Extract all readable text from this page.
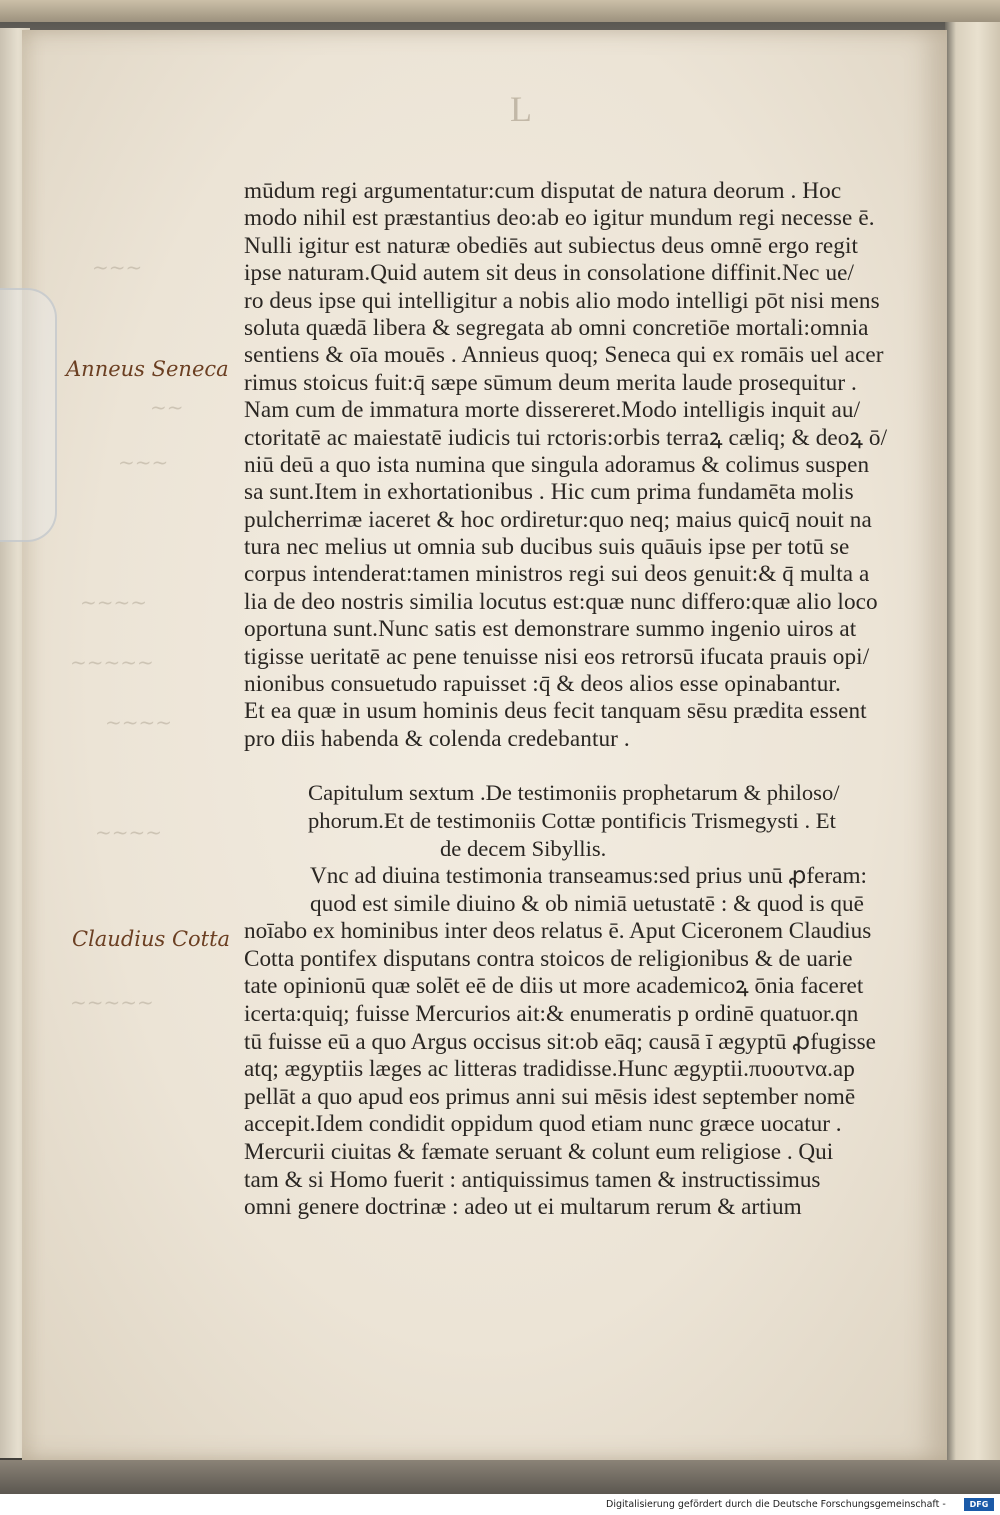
L
~~~
~~
~~~
~~~~
~~~~~
~~~~
~~~~
~~~~~
Anneus Seneca
Claudius Cotta
mūdum regi argumentatur:cum disputat de natura deorum . Hoc
modo nihil est præstantius deo:ab eo igitur mundum regi necesse ē.
Nulli igitur est naturæ obediēs aut subiectus deus omnē ergo regit
ipse naturam.Quid autem sit deus in consolatione diffinit.Nec ue/
ro deus ipse qui intelligitur a nobis alio modo intelligi pōt nisi mens
soluta quædā libera & segregata ab omni concretiōe mortali:omnia
sentiens & oīa mouēs . Annieus quoq; Seneca qui ex romāis uel acer
rimus stoicus fuit:q̄ sæpe sūmum deum merita laude prosequitur .
Nam cum de immatura morte dissereret.Modo intelligis inquit au/
ctoritatē ac maiestatē iudicis tui rctoris:orbis terraꝝ cæliq; & deoꝝ ō/
niū deū a quo ista numina que singula adoramus & colimus suspen
sa sunt.Item in exhortationibus . Hic cum prima fundamēta molis
pulcherrimæ iaceret & hoc ordiretur:quo neq; maius quicq̄ nouit na
tura nec melius ut omnia sub ducibus suis quāuis ipse per totū se
corpus intenderat:tamen ministros regi sui deos genuit:& q̄ multa a
lia de deo nostris similia locutus est:quæ nunc differo:quæ alio loco
oportuna sunt.Nunc satis est demonstrare summo ingenio uiros at
tigisse ueritatē ac pene tenuisse nisi eos retrorsū ifucata prauis opi/
nionibus consuetudo rapuisset :q̄ & deos alios esse opinabantur.
Et ea quæ in usum hominis deus fecit tanquam sēsu prædita essent
pro diis habenda & colenda credebantur .
Capitulum sextum .De testimoniis prophetarum & philoso/
phorum.Et de testimoniis Cottæ pontificis Trismegysti . Et
de decem Sibyllis.
Vnc ad diuina testimonia transeamus:sed prius unū ꝓferam:
quod est simile diuino & ob nimiā uetustatē : & quod is quē
noīabo ex hominibus inter deos relatus ē. Aput Ciceronem Claudius
Cotta pontifex disputans contra stoicos de religionibus & de uarie
tate opinionū quæ solēt eē de diis ut more academicoꝝ ōnia faceret
icerta:quiq; fuisse Mercurios ait:& enumeratis p ordinē quatuor.qn
tū fuisse eū a quo Argus occisus sit:ob eāq; causā ī ægyptū ꝓfugisse
atq; ægyptiis læges ac litteras tradidisse.Hunc ægyptii.πυουτνα.ap
pellāt a quo apud eos primus anni sui mēsis idest september nomē
accepit.Idem condidit oppidum quod etiam nunc græce uocatur .
Mercurii ciuitas & fæmate seruant & colunt eum religiose . Qui
tam & si Homo fuerit : antiquissimus tamen & instructissimus
omni genere doctrinæ : adeo ut ei multarum rerum & artium
Digitalisierung gefördert durch die Deutsche Forschungsgemeinschaft -	DFG
